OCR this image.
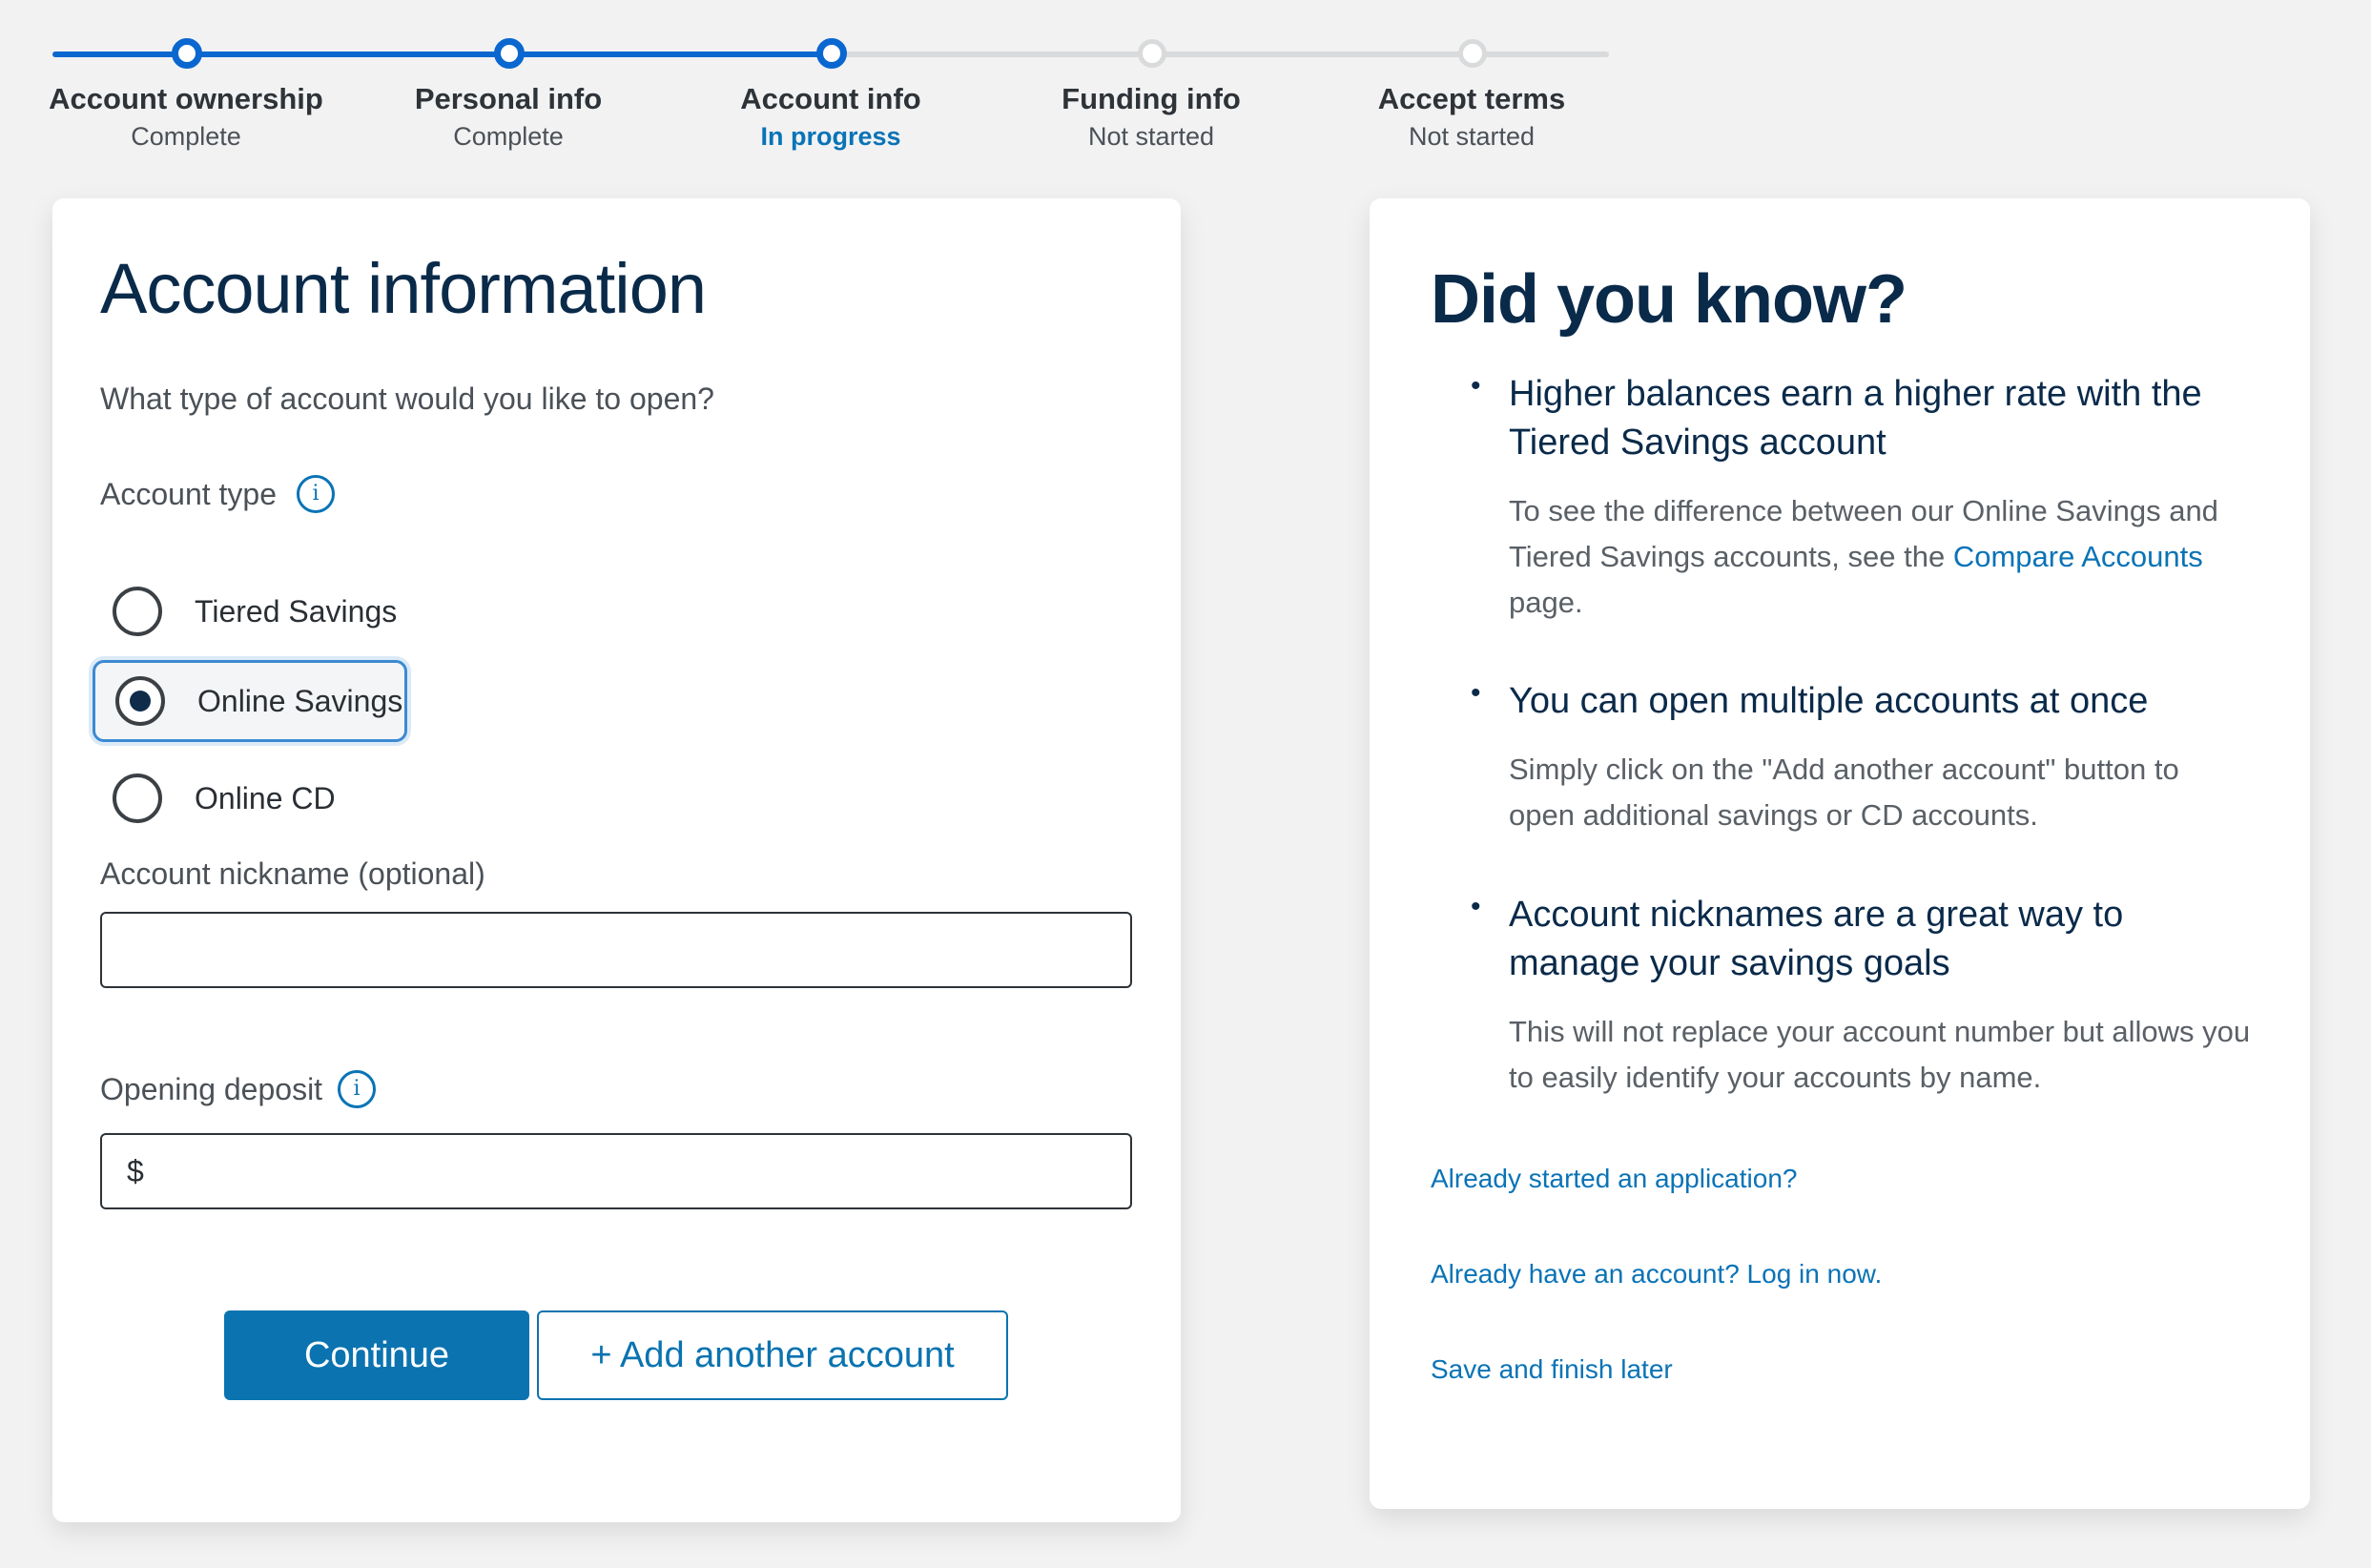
Account ownership
Complete
Personal info
Complete
Account info
In progress
Funding info
Not started
Accept terms
Not started
Account information
What type of account would you like to open?
Account type	i
Tiered Savings
Online Savings
Online CD
Account nickname (optional)
Opening deposit	i
$
Continue	+ Add another account
Did you know?
• Higher balances earn a higher rate with the Tiered Savings account
To see the difference between our Online Savings and Tiered Savings accounts, see the Compare Accounts page.
• You can open multiple accounts at once
Simply click on the "Add another account" button to open additional savings or CD accounts.
• Account nicknames are a great way to manage your savings goals
This will not replace your account number but allows you to easily identify your accounts by name.
Already started an application?
Already have an account? Log in now.
Save and finish later
